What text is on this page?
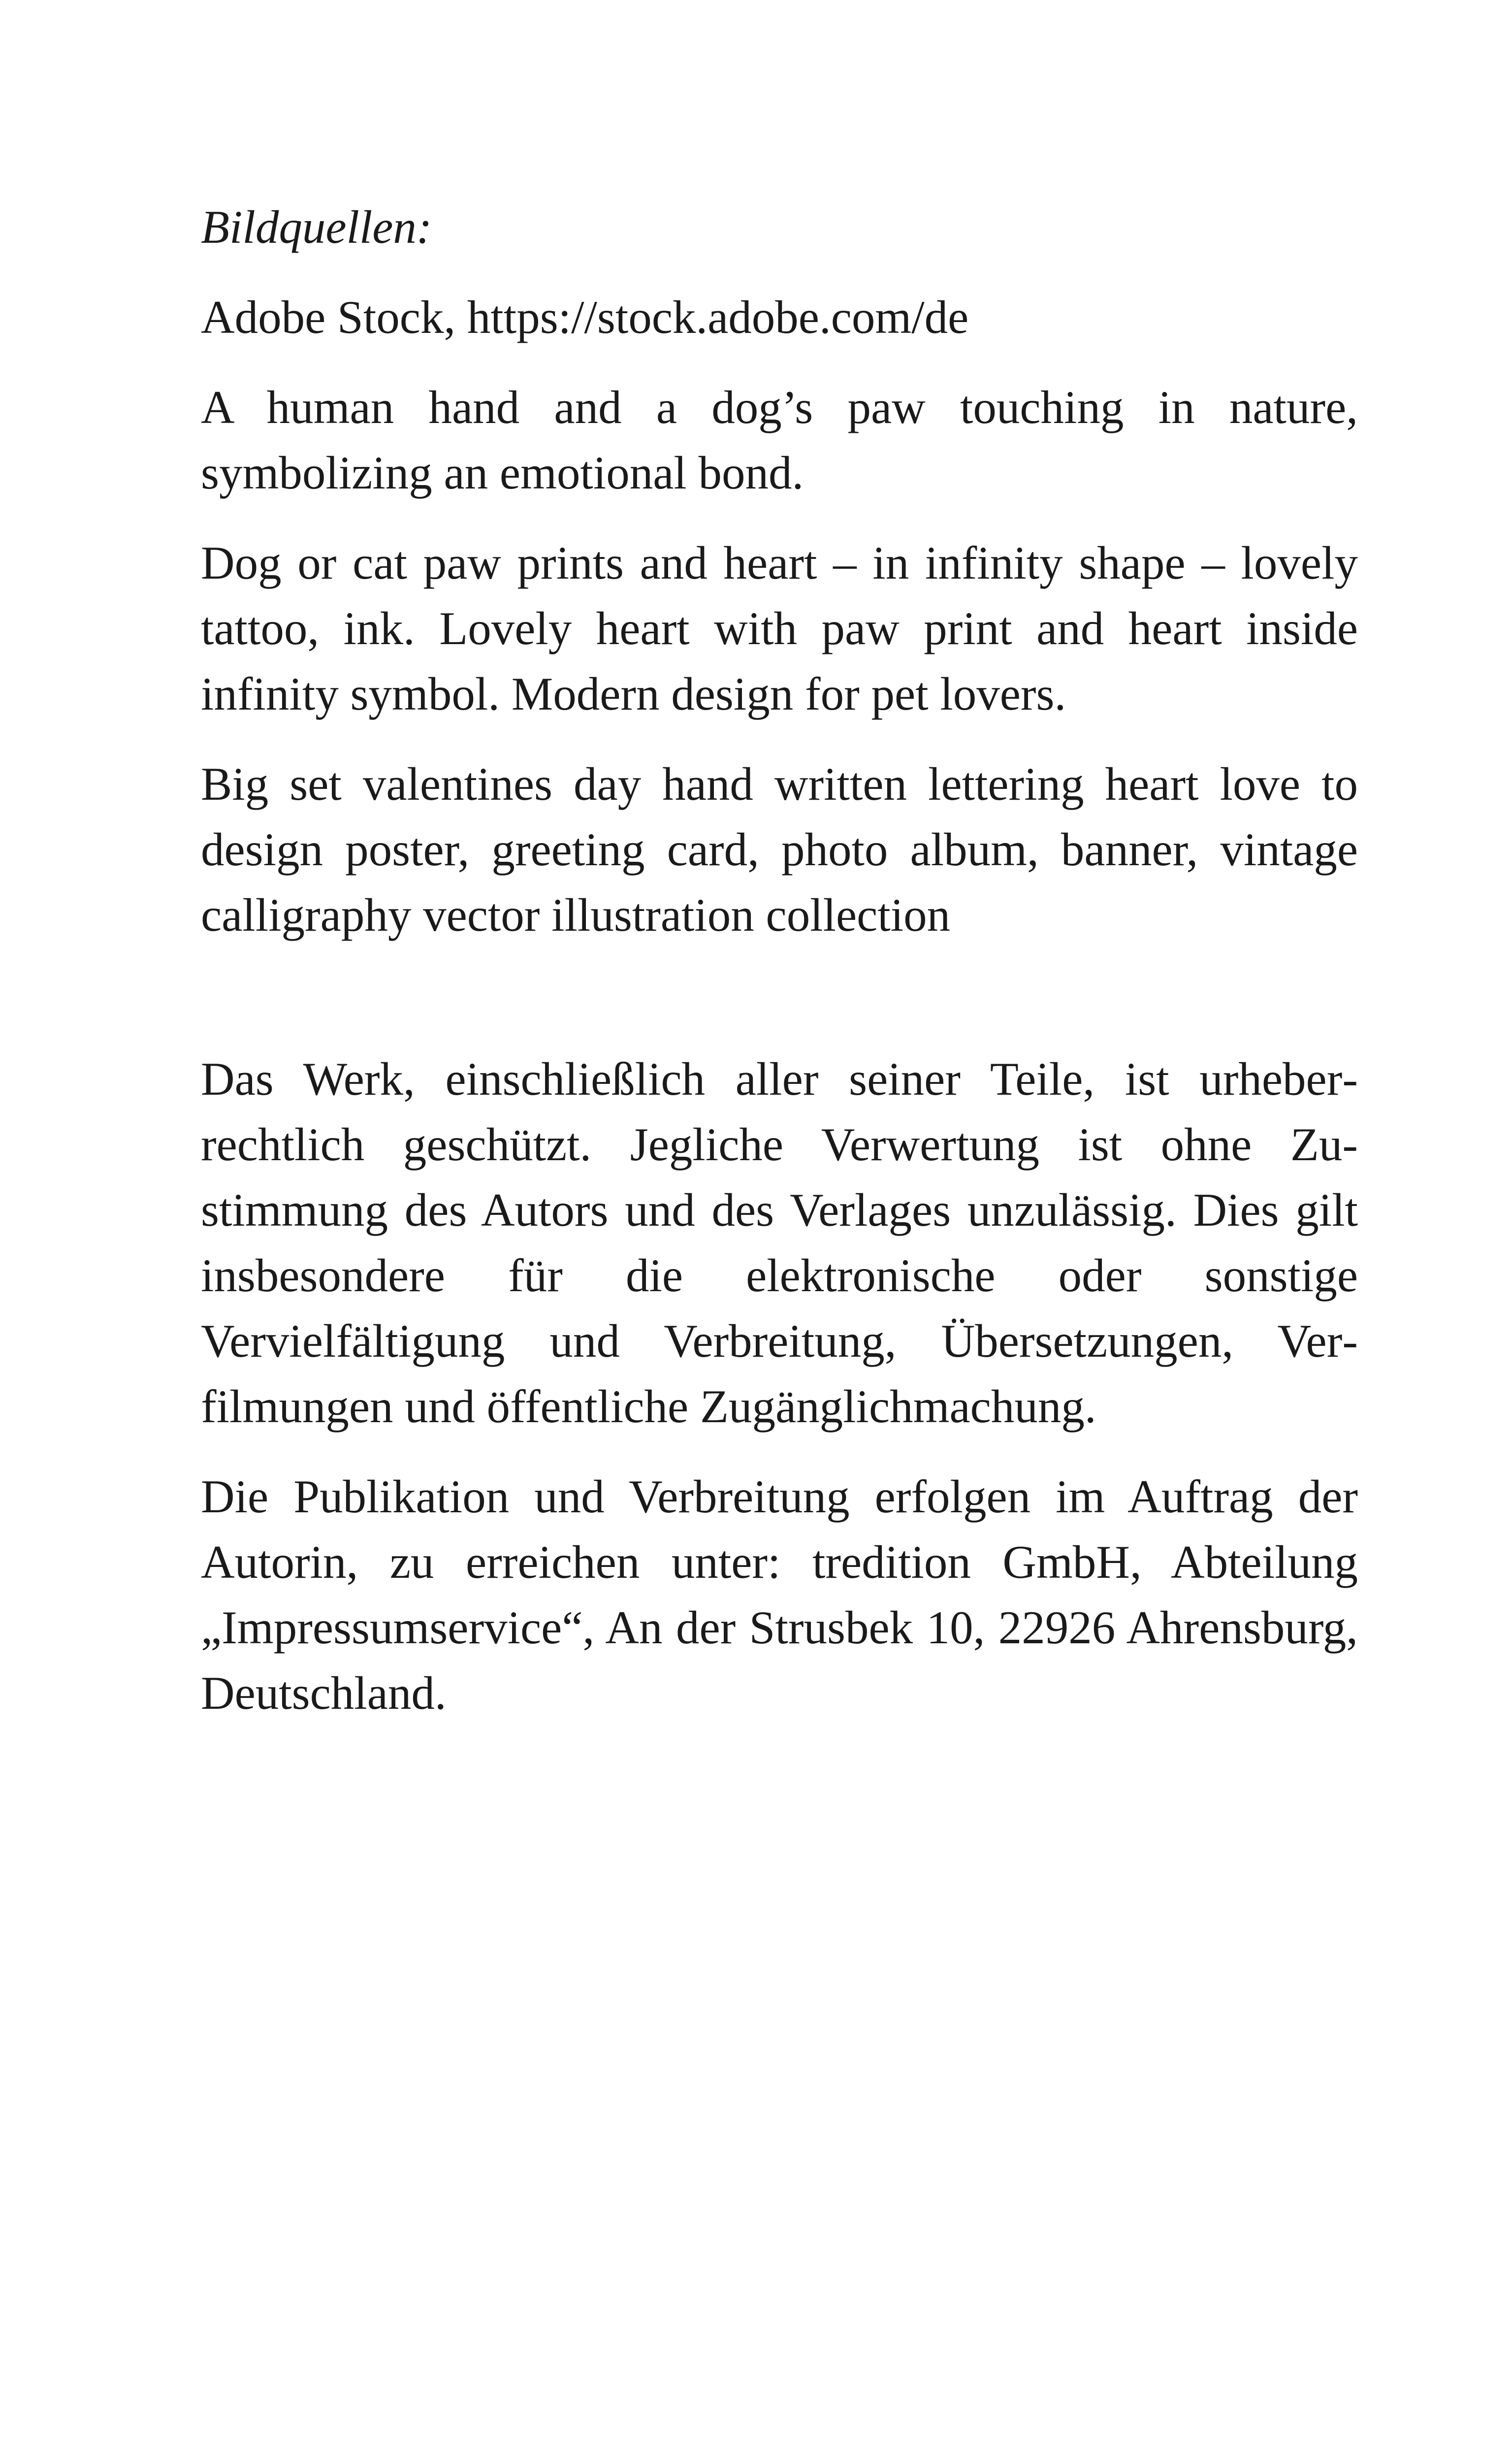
Bildquellen:

Adobe Stock, https://stock.adobe.com/de

A human hand and a dog’s paw touching in nature, symbolizing an emotional bond.

Dog or cat paw prints and heart – in infinity shape – lovely tattoo, ink. Lovely heart with paw print and heart inside infinity symbol. Modern design for pet lovers.

Big set valentines day hand written lettering heart love to design poster, greeting card, photo album, banner, vintage calligraphy vector illustration collection

Das Werk, einschließlich aller seiner Teile, ist urheberrechtlich geschützt. Jegliche Verwertung ist ohne Zustimmung des Autors und des Verlages unzulässig. Dies gilt insbesondere für die elektronische oder sonstige Vervielfältigung und Verbreitung, Übersetzungen, Verfilmungen und öffentliche Zugänglichmachung.

Die Publikation und Verbreitung erfolgen im Auftrag der Autorin, zu erreichen unter: tredition GmbH, Abteilung „Impressumservice“, An der Strusbek 10, 22926 Ahrensburg, Deutschland.
